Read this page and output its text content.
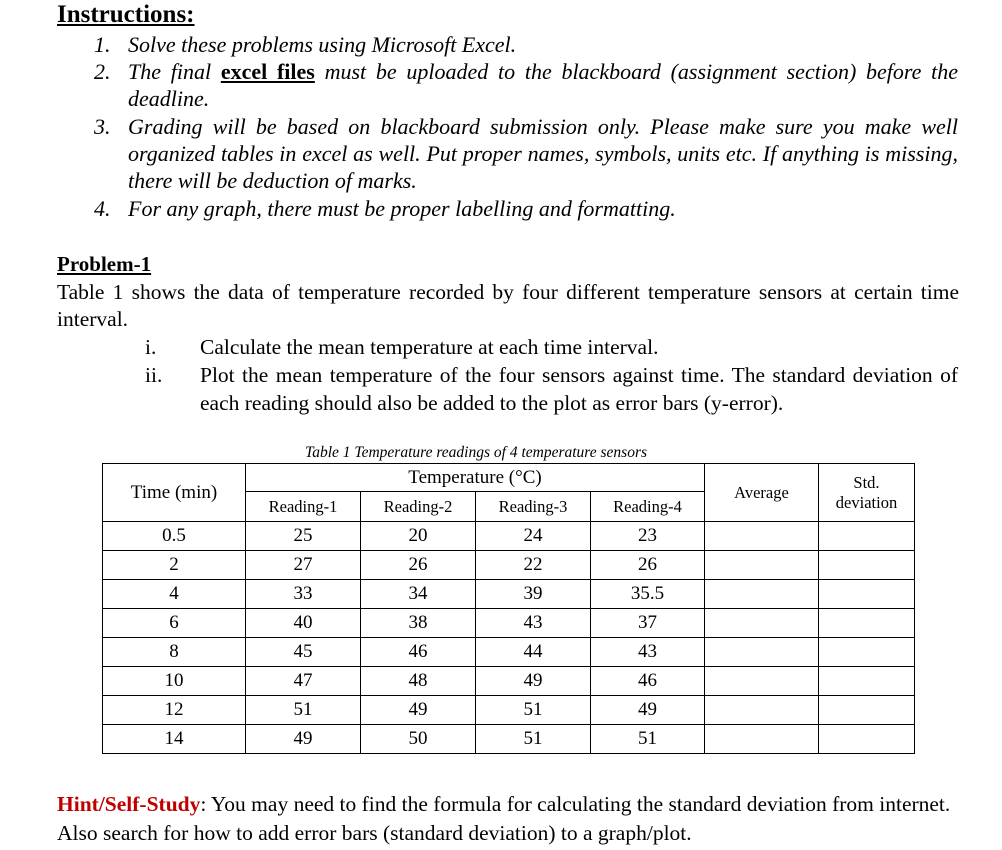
Instructions:
1. Solve these problems using Microsoft Excel.
2. The final excel files must be uploaded to the blackboard (assignment section) before the deadline.
3. Grading will be based on blackboard submission only. Please make sure you make well organized tables in excel as well. Put proper names, symbols, units etc. If anything is missing, there will be deduction of marks.
4. For any graph, there must be proper labelling and formatting.
Problem-1
Table 1 shows the data of temperature recorded by four different temperature sensors at certain time interval.
i.	Calculate the mean temperature at each time interval.
ii.	Plot the mean temperature of the four sensors against time. The standard deviation of each reading should also be added to the plot as error bars (y-error).
Table 1 Temperature readings of 4 temperature sensors
Time (min)	Temperature (°C)				Average	Std.
deviation
	Reading-1	Reading-2	Reading-3	Reading-4		
0.5	25	20	24	23		
2	27	26	22	26		
4	33	34	39	35.5		
6	40	38	43	37		
8	45	46	44	43		
10	47	48	49	46		
12	51	49	51	49		
14	49	50	51	51		
Hint/Self-Study: You may need to find the formula for calculating the standard deviation from internet. Also search for how to add error bars (standard deviation) to a graph/plot.
